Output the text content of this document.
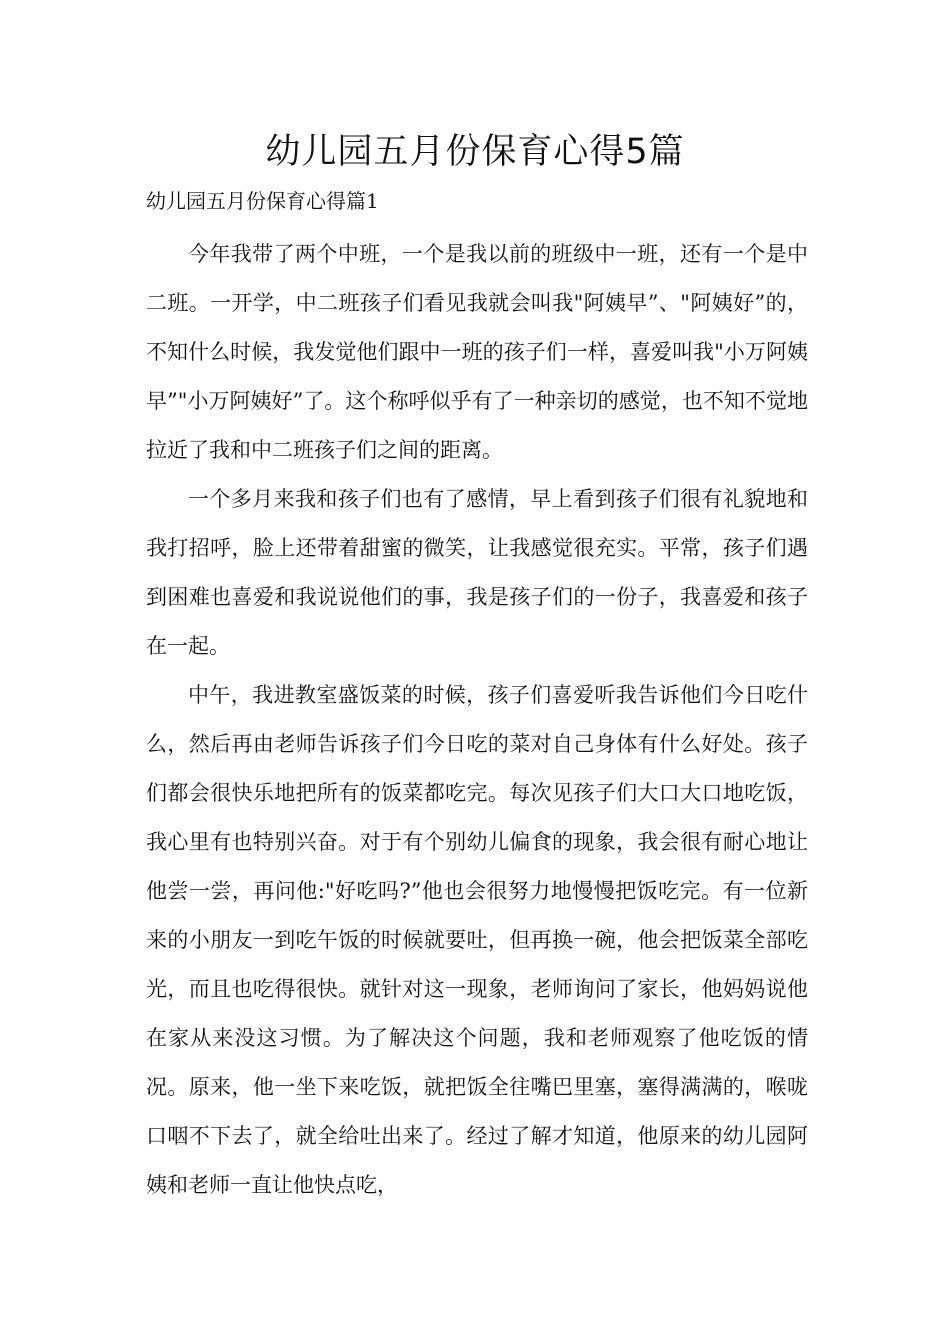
幼儿园五月份保育心得5篇

幼儿园五月份保育心得篇1

今年我带了两个中班，一个是我以前的班级中一班，还有一个是中二班。一开学，中二班孩子们看见我就会叫我"阿姨早”、"阿姨好”的，不知什么时候，我发觉他们跟中一班的孩子们一样，喜爱叫我"小万阿姨早”"小万阿姨好”了。这个称呼似乎有了一种亲切的感觉，也不知不觉地拉近了我和中二班孩子们之间的距离。

一个多月来我和孩子们也有了感情，早上看到孩子们很有礼貌地和我打招呼，脸上还带着甜蜜的微笑，让我感觉很充实。平常，孩子们遇到困难也喜爱和我说说他们的事，我是孩子们的一份子，我喜爱和孩子在一起。

中午，我进教室盛饭菜的时候，孩子们喜爱听我告诉他们今日吃什么，然后再由老师告诉孩子们今日吃的菜对自己身体有什么好处。孩子们都会很快乐地把所有的饭菜都吃完。每次见孩子们大口大口地吃饭，我心里有也特别兴奋。对于有个别幼儿偏食的现象，我会很有耐心地让他尝一尝，再问他:"好吃吗?”他也会很努力地慢慢把饭吃完。有一位新来的小朋友一到吃午饭的时候就要吐，但再换一碗，他会把饭菜全部吃光，而且也吃得很快。就针对这一现象，老师询问了家长，他妈妈说他在家从来没这习惯。为了解决这个问题，我和老师观察了他吃饭的情况。原来，他一坐下来吃饭，就把饭全往嘴巴里塞，塞得满满的，喉咙口咽不下去了，就全给吐出来了。经过了解才知道，他原来的幼儿园阿姨和老师一直让他快点吃，
